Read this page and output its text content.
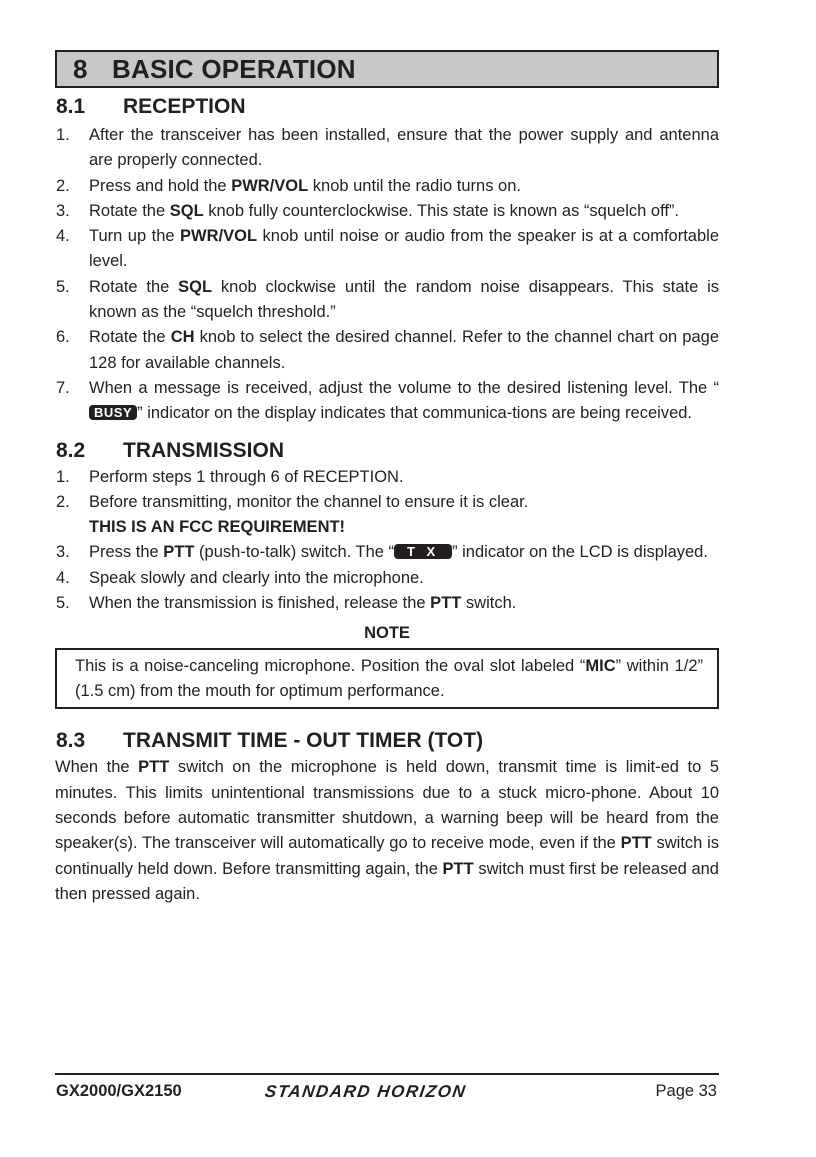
8 BASIC OPERATION
8.1 RECEPTION
1. After the transceiver has been installed, ensure that the power supply and antenna are properly connected.
2. Press and hold the PWR/VOL knob until the radio turns on.
3. Rotate the SQL knob fully counterclockwise. This state is known as “squelch off”.
4. Turn up the PWR/VOL knob until noise or audio from the speaker is at a comfortable level.
5. Rotate the SQL knob clockwise until the random noise disappears. This state is known as the “squelch threshold.”
6. Rotate the CH knob to select the desired channel. Refer to the channel chart on page 128 for available channels.
7. When a message is received, adjust the volume to the desired listening level. The “BUSY ” indicator on the display indicates that communica-tions are being received.
8.2 TRANSMISSION
1. Perform steps 1 through 6 of RECEPTION.
2. Before transmitting, monitor the channel to ensure it is clear.
THIS IS AN FCC REQUIREMENT!
3. Press the PTT (push-to-talk) switch. The “ T X ” indicator on the LCD is displayed.
4. Speak slowly and clearly into the microphone.
5. When the transmission is finished, release the PTT switch.
NOTE
This is a noise-canceling microphone. Position the oval slot labeled “MIC” within 1/2” (1.5 cm) from the mouth for optimum performance.
8.3 TRANSMIT TIME - OUT TIMER (TOT)
When the PTT switch on the microphone is held down, transmit time is limit-ed to 5 minutes. This limits unintentional transmissions due to a stuck micro-phone. About 10 seconds before automatic transmitter shutdown, a warning beep will be heard from the speaker(s). The transceiver will automatically go to receive mode, even if the PTT switch is continually held down. Before transmitting again, the PTT switch must first be released and then pressed again.
GX2000/GX2150	STANDARD HORIZON	Page 33
